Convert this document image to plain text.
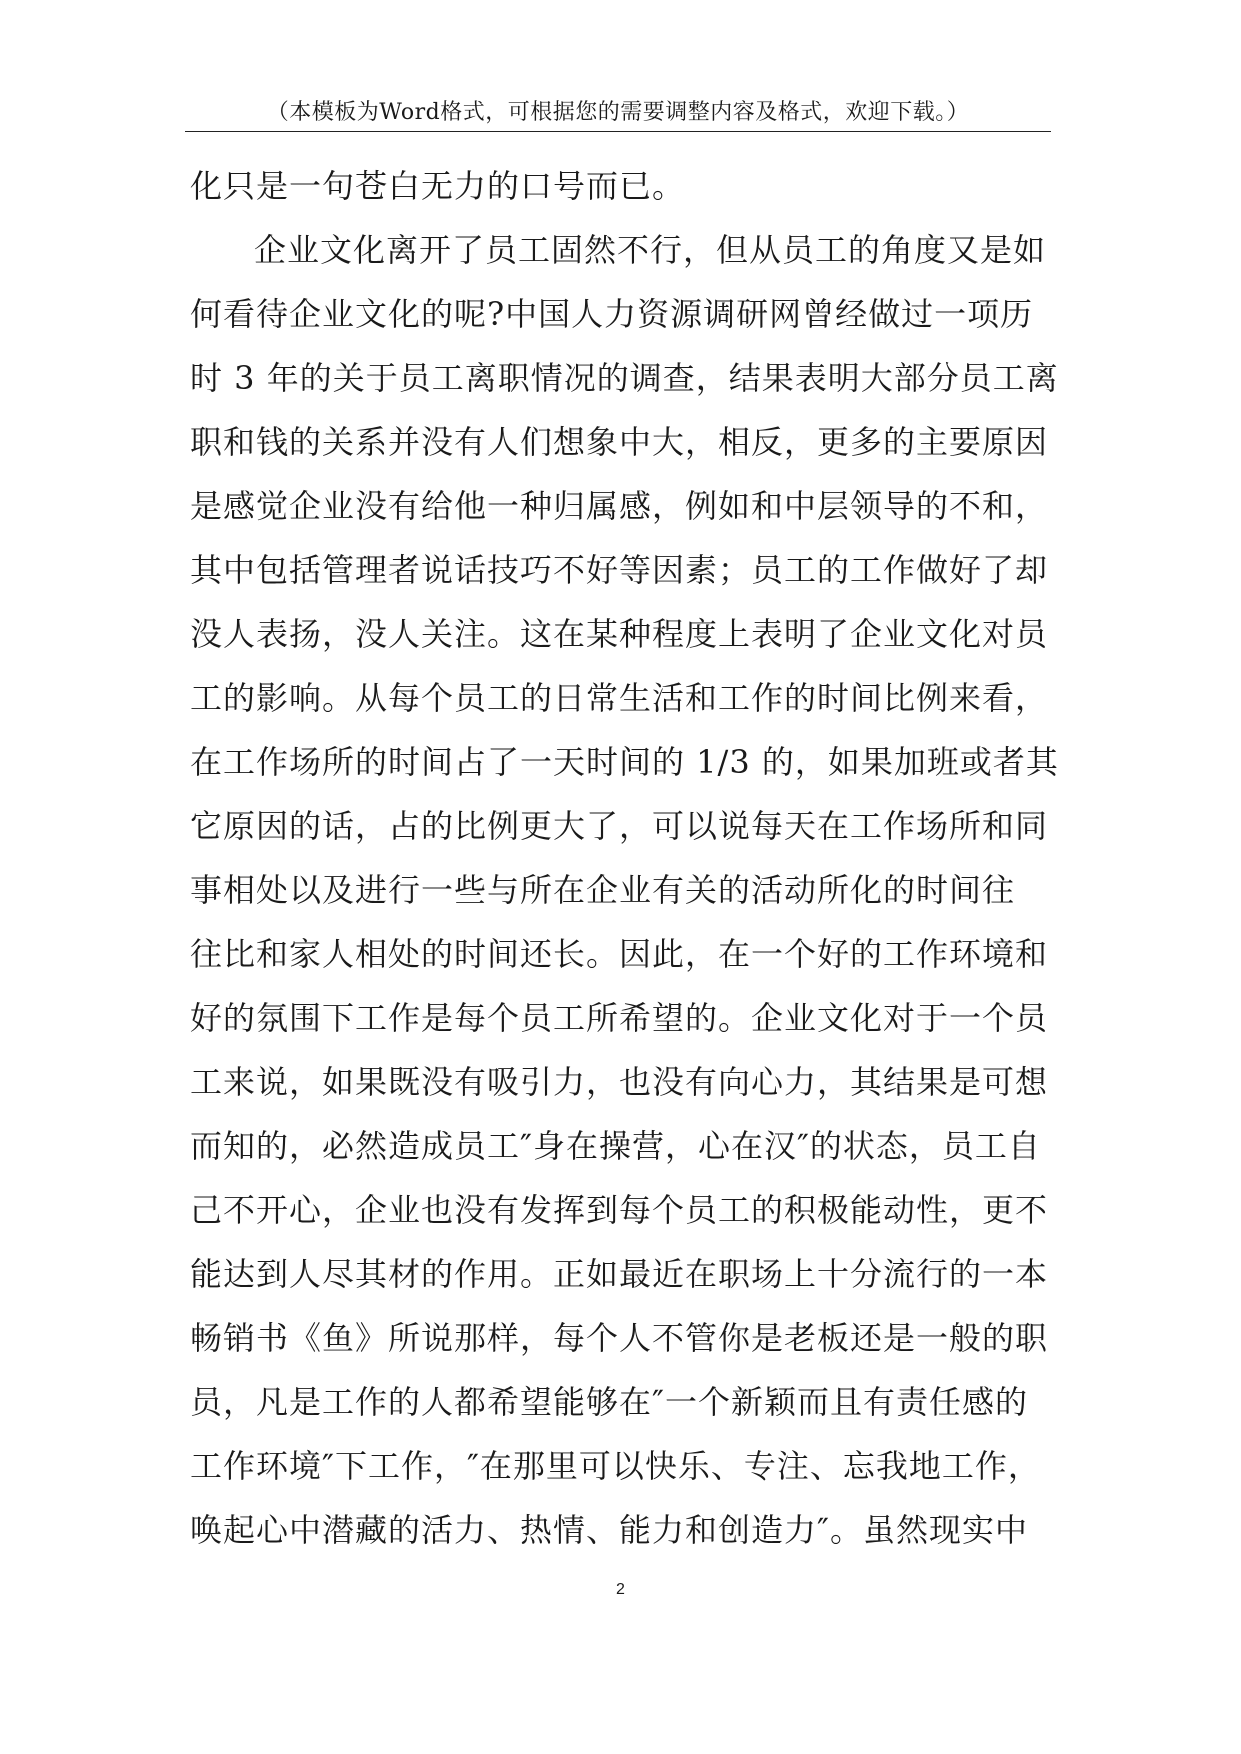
（本模板为Word格式，可根据您的需要调整内容及格式，欢迎下载。）
化只是一句苍白无力的口号而已。
企业文化离开了员工固然不行，但从员工的角度又是如
何看待企业文化的呢?中国人力资源调研网曾经做过一项历
时 3 年的关于员工离职情况的调查，结果表明大部分员工离
职和钱的关系并没有人们想象中大，相反，更多的主要原因
是感觉企业没有给他一种归属感，例如和中层领导的不和，
其中包括管理者说话技巧不好等因素；员工的工作做好了却
没人表扬，没人关注。这在某种程度上表明了企业文化对员
工的影响。从每个员工的日常生活和工作的时间比例来看，
在工作场所的时间占了一天时间的 1/3 的，如果加班或者其
它原因的话，占的比例更大了，可以说每天在工作场所和同
事相处以及进行一些与所在企业有关的活动所化的时间往
往比和家人相处的时间还长。因此，在一个好的工作环境和
好的氛围下工作是每个员工所希望的。企业文化对于一个员
工来说，如果既没有吸引力，也没有向心力，其结果是可想
而知的，必然造成员工″身在操营，心在汉″的状态，员工自
己不开心，企业也没有发挥到每个员工的积极能动性，更不
能达到人尽其材的作用。正如最近在职场上十分流行的一本
畅销书《鱼》所说那样，每个人不管你是老板还是一般的职
员，凡是工作的人都希望能够在″一个新颖而且有责任感的
工作环境″下工作，″在那里可以快乐、专注、忘我地工作，
唤起心中潜藏的活力、热情、能力和创造力″。虽然现实中
2
